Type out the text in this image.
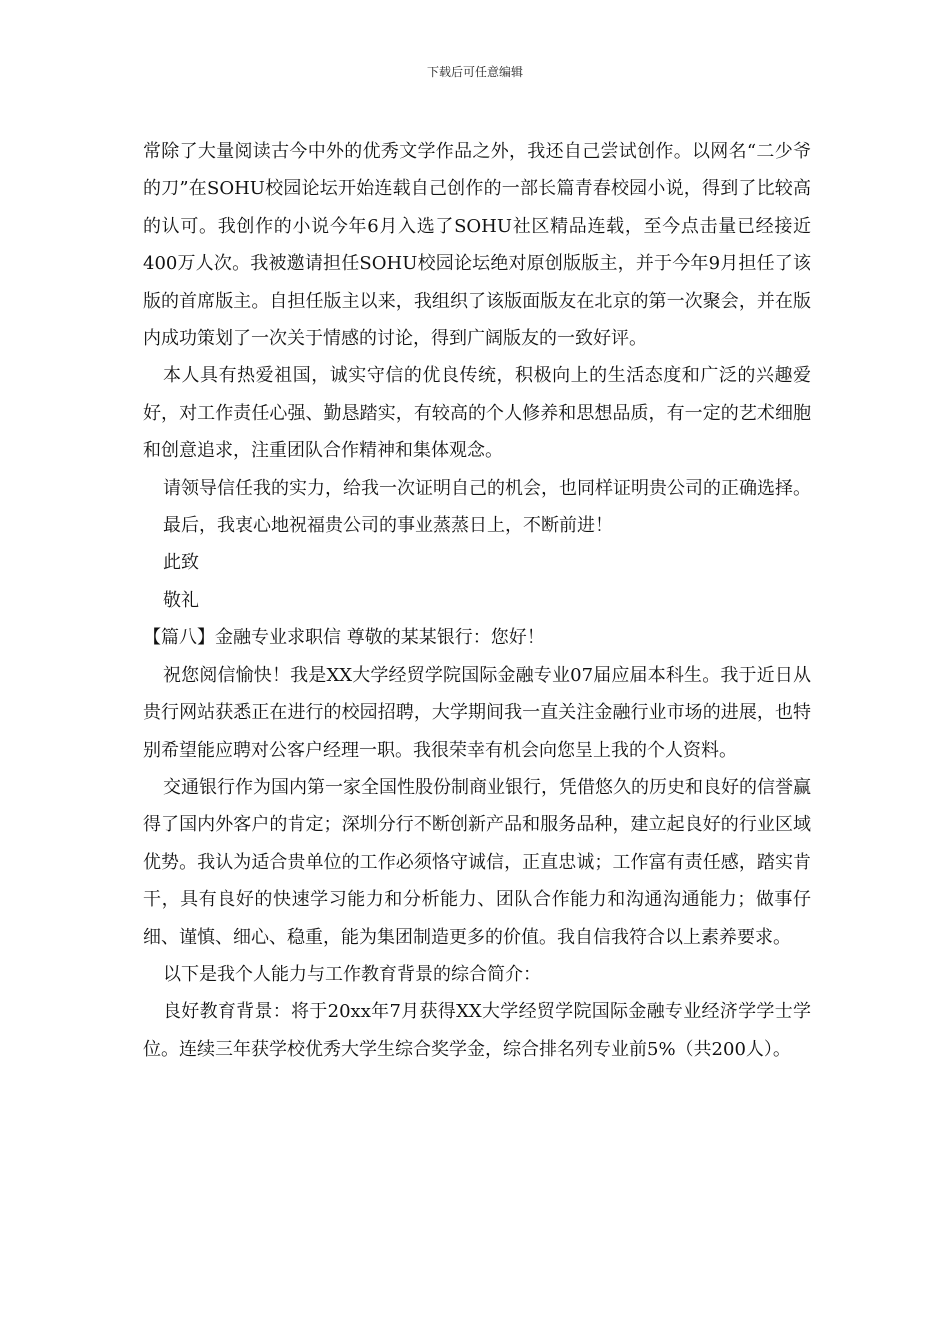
下载后可任意编辑

常除了大量阅读古今中外的优秀文学作品之外，我还自己尝试创作。以网名“二少爷的刀”在SOHU校园论坛开始连载自己创作的一部长篇青春校园小说，得到了比较高的认可。我创作的小说今年6月入选了SOHU社区精品连载，至今点击量已经接近400万人次。我被邀请担任SOHU校园论坛绝对原创版版主，并于今年9月担任了该版的首席版主。自担任版主以来，我组织了该版面版友在北京的第一次聚会，并在版内成功策划了一次关于情感的讨论，得到广阔版友的一致好评。

本人具有热爱祖国，诚实守信的优良传统，积极向上的生活态度和广泛的兴趣爱好，对工作责任心强、勤恳踏实，有较高的个人修养和思想品质，有一定的艺术细胞和创意追求，注重团队合作精神和集体观念。

请领导信任我的实力，给我一次证明自己的机会，也同样证明贵公司的正确选择。

最后，我衷心地祝福贵公司的事业蒸蒸日上，不断前进！

此致

敬礼

【篇八】金融专业求职信 尊敬的某某银行：您好！

祝您阅信愉快！我是XX大学经贸学院国际金融专业07届应届本科生。我于近日从贵行网站获悉正在进行的校园招聘，大学期间我一直关注金融行业市场的进展，也特别希望能应聘对公客户经理一职。我很荣幸有机会向您呈上我的个人资料。

交通银行作为国内第一家全国性股份制商业银行，凭借悠久的历史和良好的信誉赢得了国内外客户的肯定；深圳分行不断创新产品和服务品种，建立起良好的行业区域优势。我认为适合贵单位的工作必须恪守诚信，正直忠诚；工作富有责任感，踏实肯干，具有良好的快速学习能力和分析能力、团队合作能力和沟通沟通能力；做事仔细、谨慎、细心、稳重，能为集团制造更多的价值。我自信我符合以上素养要求。

以下是我个人能力与工作教育背景的综合简介：

良好教育背景：将于20xx年7月获得XX大学经贸学院国际金融专业经济学学士学位。连续三年获学校优秀大学生综合奖学金，综合排名列专业前5%（共200人）。
